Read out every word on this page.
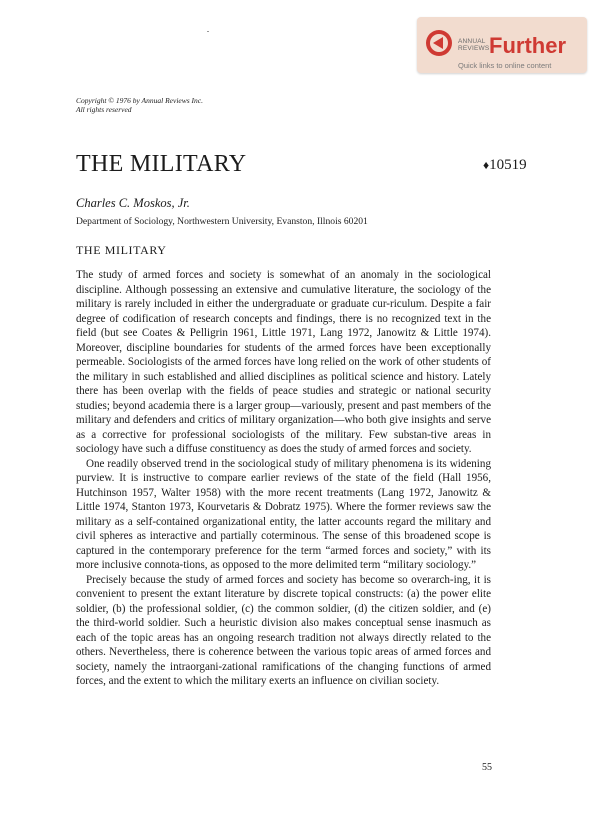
ANNUAL REVIEWS Further
Quick links to online content
Copyright © 1976 by Annual Reviews Inc.
All rights reserved
THE MILITARY	♦10519
Charles C. Moskos, Jr.
Department of Sociology, Northwestern University, Evanston, Illnois 60201
THE MILITARY

The study of armed forces and society is somewhat of an anomaly in the sociological discipline. Although possessing an extensive and cumulative literature, the sociology of the military is rarely included in either the undergraduate or graduate cur-riculum. Despite a fair degree of codification of research concepts and findings, there is no recognized text in the field (but see Coates & Pelligrin 1961, Little 1971, Lang 1972, Janowitz & Little 1974). Moreover, discipline boundaries for students of the armed forces have been exceptionally permeable. Sociologists of the armed forces have long relied on the work of other students of the military in such established and allied disciplines as political science and history. Lately there has been overlap with the fields of peace studies and strategic or national security studies; beyond academia there is a larger group—variously, present and past members of the military and defenders and critics of military organization—who both give insights and serve as a corrective for professional sociologists of the military. Few substan-tive areas in sociology have such a diffuse constituency as does the study of armed forces and society.

One readily observed trend in the sociological study of military phenomena is its widening purview. It is instructive to compare earlier reviews of the state of the field (Hall 1956, Hutchinson 1957, Walter 1958) with the more recent treatments (Lang 1972, Janowitz & Little 1974, Stanton 1973, Kourvetaris & Dobratz 1975). Where the former reviews saw the military as a self-contained organizational entity, the latter accounts regard the military and civil spheres as interactive and partially coterminous. The sense of this broadened scope is captured in the contemporary preference for the term “armed forces and society,” with its more inclusive connota-tions, as opposed to the more delimited term “military sociology.”

Precisely because the study of armed forces and society has become so overarch-ing, it is convenient to present the extant literature by discrete topical constructs: (a) the power elite soldier, (b) the professional soldier, (c) the common soldier, (d) the citizen soldier, and (e) the third-world soldier. Such a heuristic division also makes conceptual sense inasmuch as each of the topic areas has an ongoing research tradition not always directly related to the others. Nevertheless, there is coherence between the various topic areas of armed forces and society, namely the intraorgani-zational ramifications of the changing functions of armed forces, and the extent to which the military exerts an influence on civilian society.

55
